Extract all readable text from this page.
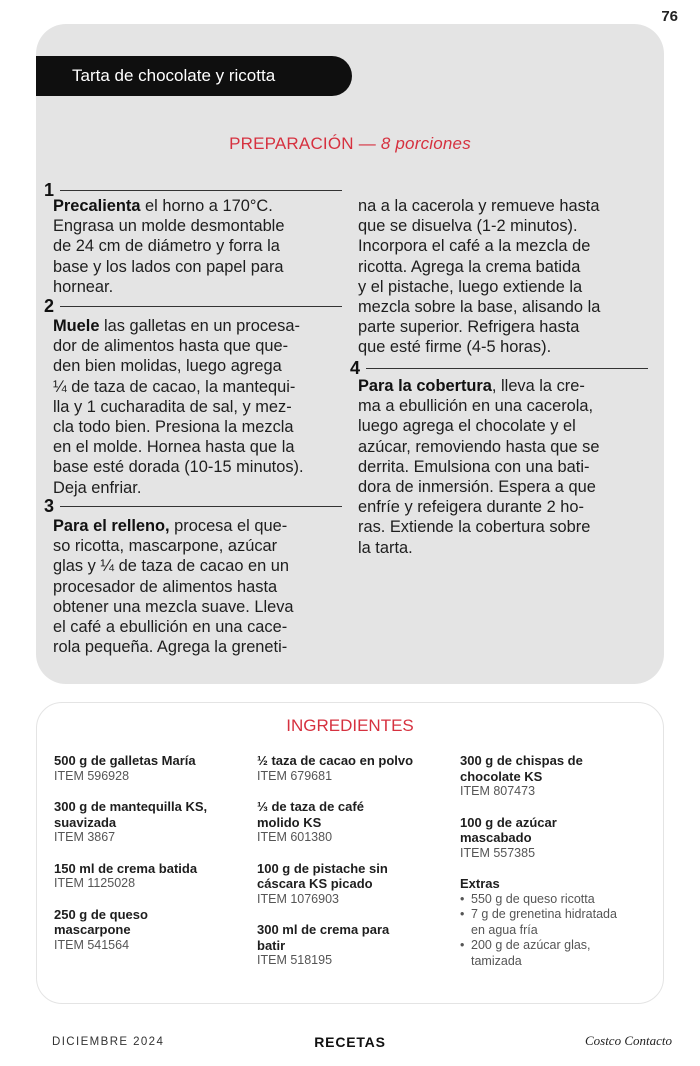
76
Tarta de chocolate y ricotta
PREPARACIÓN — 8 porciones
1
Precalienta el horno a 170°C.
Engrasa un molde desmontable
de 24 cm de diámetro y forra la
base y los lados con papel para
hornear.
2
Muele las galletas en un procesa-
dor de alimentos hasta que que-
den bien molidas, luego agrega
¼ de taza de cacao, la mantequi-
lla y 1 cucharadita de sal, y mez-
cla todo bien. Presiona la mezcla
en el molde. Hornea hasta que la
base esté dorada (10-15 minutos).
Deja enfriar.
3
Para el relleno, procesa el que-
so ricotta, mascarpone, azúcar
glas y ¼ de taza de cacao en un
procesador de alimentos hasta
obtener una mezcla suave. Lleva
el café a ebullición en una cace-
rola pequeña. Agrega la greneti-
na a la cacerola y remueve hasta
que se disuelva (1-2 minutos).
Incorpora el café a la mezcla de
ricotta. Agrega la crema batida
y el pistache, luego extiende la
mezcla sobre la base, alisando la
parte superior. Refrigera hasta
que esté firme (4-5 horas).
4
Para la cobertura, lleva la cre-
ma a ebullición en una cacerola,
luego agrega el chocolate y el
azúcar, removiendo hasta que se
derrita. Emulsiona con una bati-
dora de inmersión. Espera a que
enfríe y refeigera durante 2 ho-
ras. Extiende la cobertura sobre
la tarta.
INGREDIENTES
500 g de galletas María
ITEM 596928
300 g de mantequilla KS, suavizada
ITEM 3867
150 ml de crema batida
ITEM 1125028
250 g de queso mascarpone
ITEM 541564
½ taza de cacao en polvo
ITEM 679681
⅓ de taza de café molido KS
ITEM 601380
100 g de pistache sin cáscara KS picado
ITEM 1076903
300 ml de crema para batir
ITEM 518195
300 g de chispas de chocolate KS
ITEM 807473
100 g de azúcar mascabado
ITEM 557385
Extras
• 550 g de queso ricotta
• 7 g de grenetina hidratada en agua fría
• 200 g de azúcar glas, tamizada
DICIEMBRE 2024	RECETAS	Costco Contacto
